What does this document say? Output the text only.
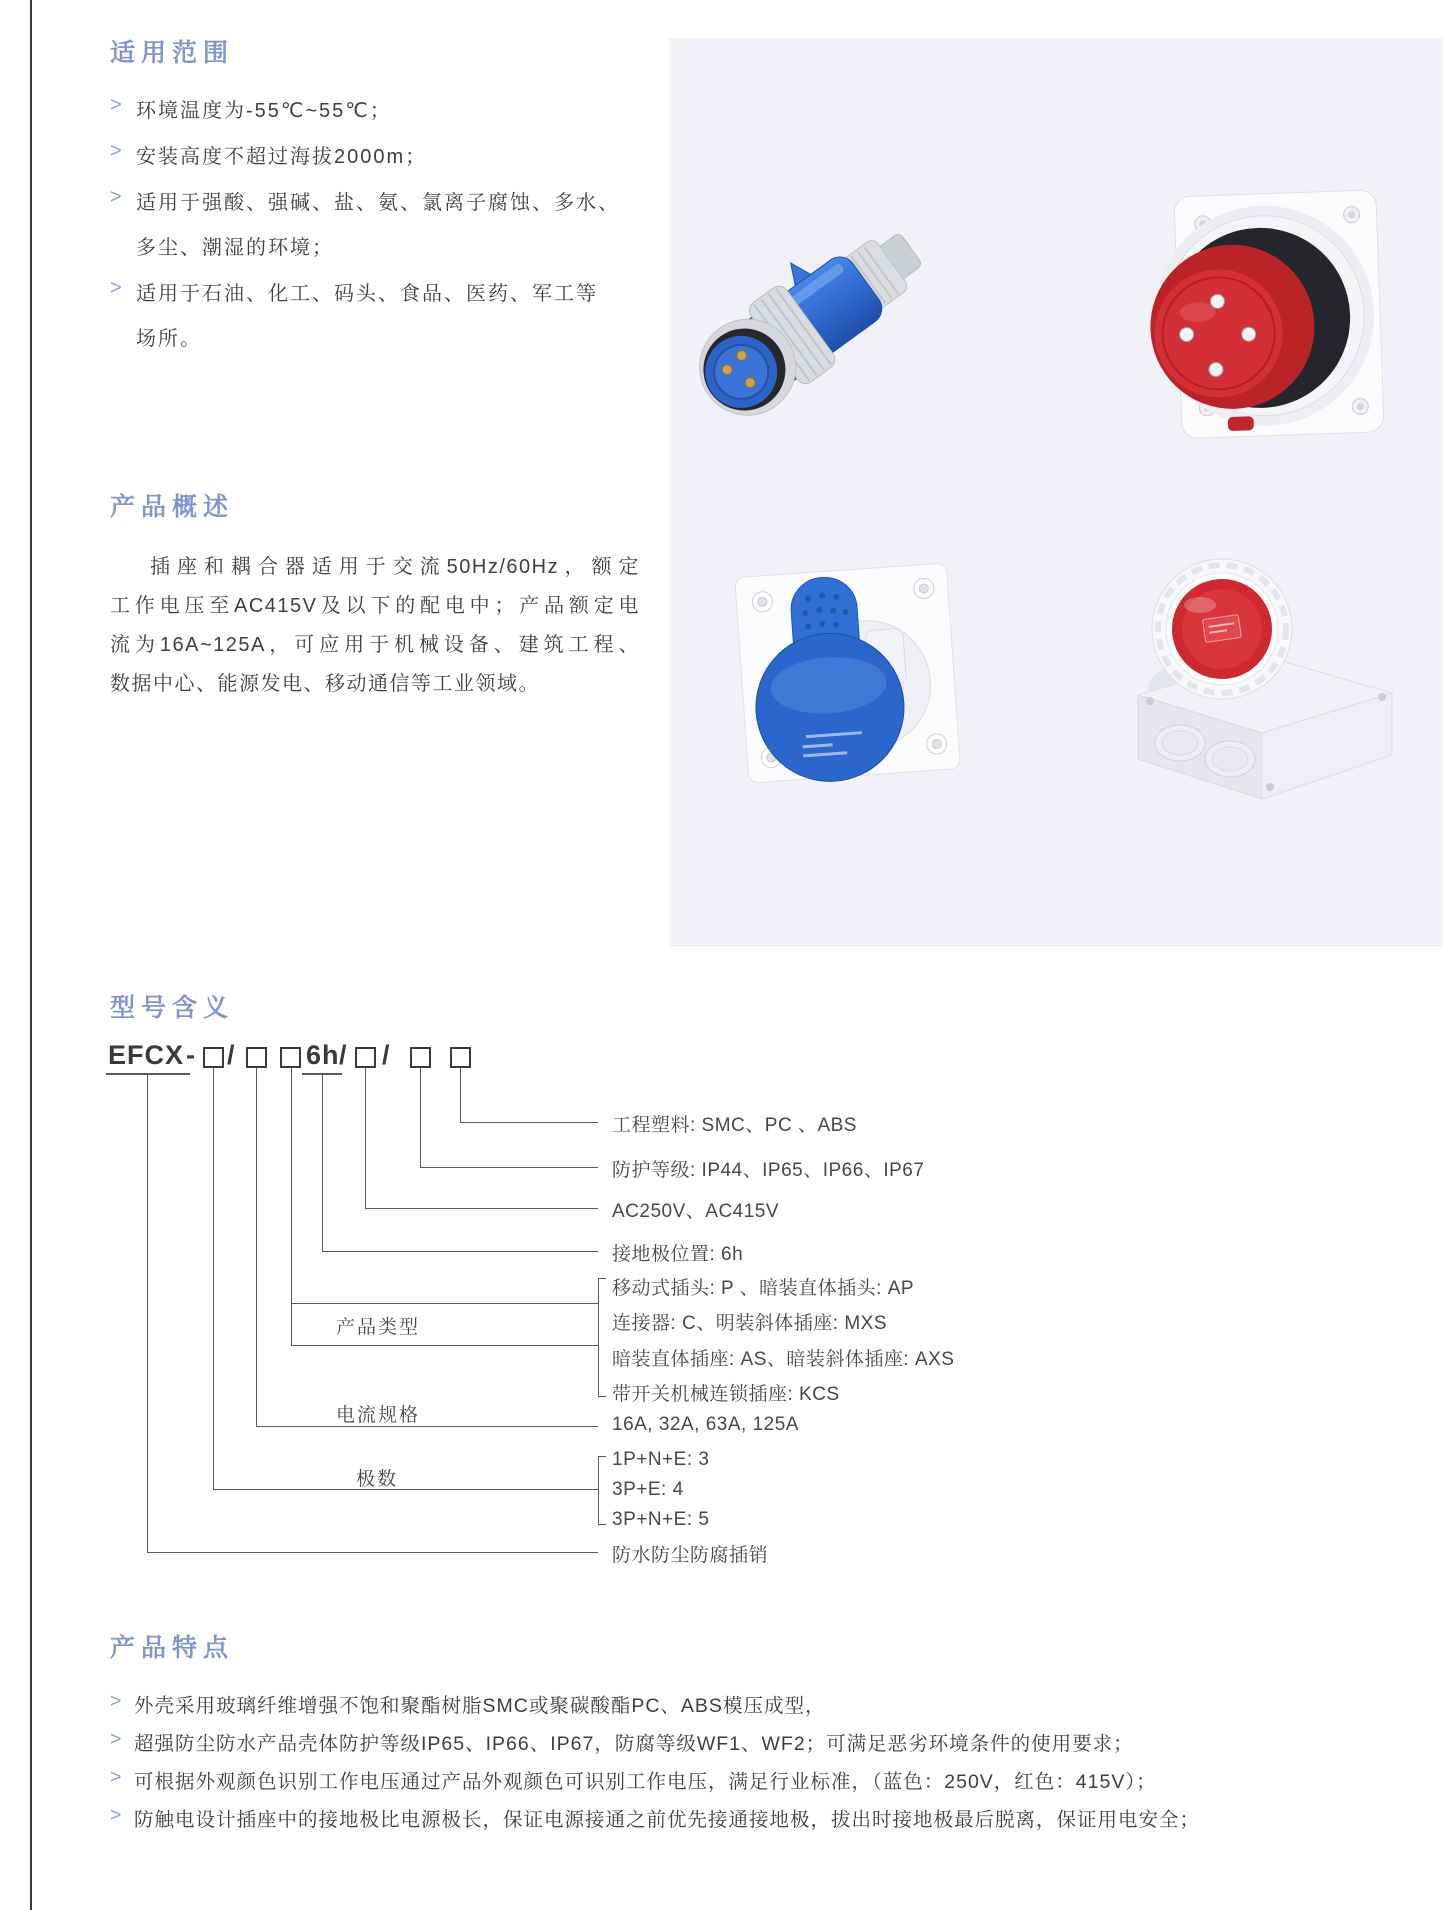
适用范围
> 环境温度为-55℃~55℃；
> 安装高度不超过海拔2000m；
> 适用于强酸、强碱、盐、氨、氯离子腐蚀、多水、
多尘、潮湿的环境；
> 适用于石油、化工、码头、食品、医药、军工等
场所。
产品概述
插座和耦合器适用于交流50Hz/60Hz，额定
工作电压至AC415V及以下的配电中；产品额定电
流为16A~125A，可应用于机械设备、建筑工程、
数据中心、能源发电、移动通信等工业领域。
型号含义
EFCX - /	6h / /
产品类型
电流规格
极数
工程塑料: SMC、PC 、ABS
防护等级: IP44、IP65、IP66、IP67
AC250V、AC415V
接地极位置: 6h
移动式插头: P 、暗装直体插头: AP
连接器: C、明装斜体插座: MXS
暗装直体插座: AS、暗装斜体插座: AXS
带开关机械连锁插座: KCS
16A, 32A, 63A, 125A
1P+N+E: 3
3P+E: 4
3P+N+E: 5
防水防尘防腐插销
产品特点
> 外壳采用玻璃纤维增强不饱和聚酯树脂SMC或聚碳酸酯PC、ABS模压成型，
> 超强防尘防水产品壳体防护等级IP65、IP66、IP67，防腐等级WF1、WF2；可满足恶劣环境条件的使用要求；
> 可根据外观颜色识别工作电压通过产品外观颜色可识别工作电压，满足行业标准，（蓝色：250V，红色：415V）；
> 防触电设计插座中的接地极比电源极长，保证电源接通之前优先接通接地极，拔出时接地极最后脱离，保证用电安全；
